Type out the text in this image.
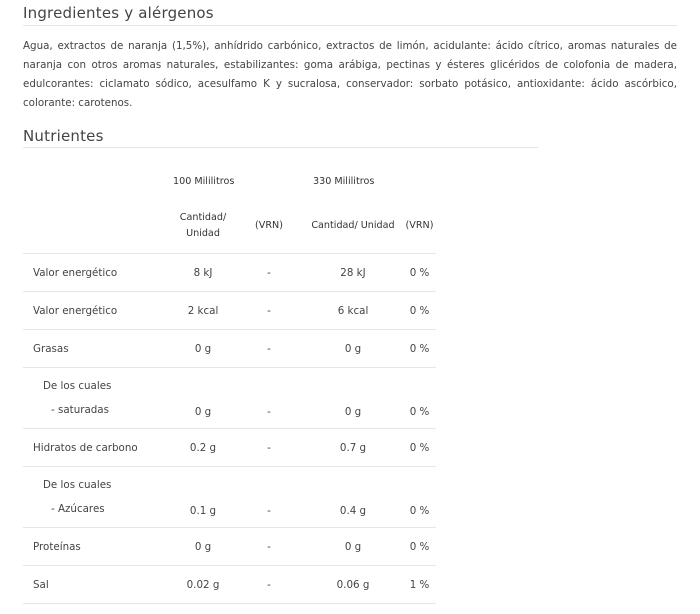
Ingredientes y alérgenos

Agua, extractos de naranja (1,5%), anhídrido carbónico, extractos de limón, acidulante: ácido cítrico, aromas naturales de naranja con otros aromas naturales, estabilizantes: goma arábiga, pectinas y ésteres glicéridos de colofonia de madera, edulcorantes: ciclamato sódico, acesulfamo K y sucralosa, conservador: sorbato potásico, antioxidante: ácido ascórbico, colorante: carotenos.

Nutrientes
	100 Mililitros		330 Mililitros	
	Cantidad/ Unidad	(VRN)	Cantidad/ Unidad	(VRN)
Valor energético	8 kJ	-	28 kJ	0 %
Valor energético	2 kcal	-	6 kcal	0 %
Grasas	0 g	-	0 g	0 %

De los cuales
- saturadas	0 g	-	0 g	0 %

Hidratos de carbono	0.2 g	-	0.7 g	0 %

De los cuales
- Azúcares	0.1 g	-	0.4 g	0 %

Proteínas	0 g	-	0 g	0 %
Sal	0.02 g	-	0.06 g	1 %
